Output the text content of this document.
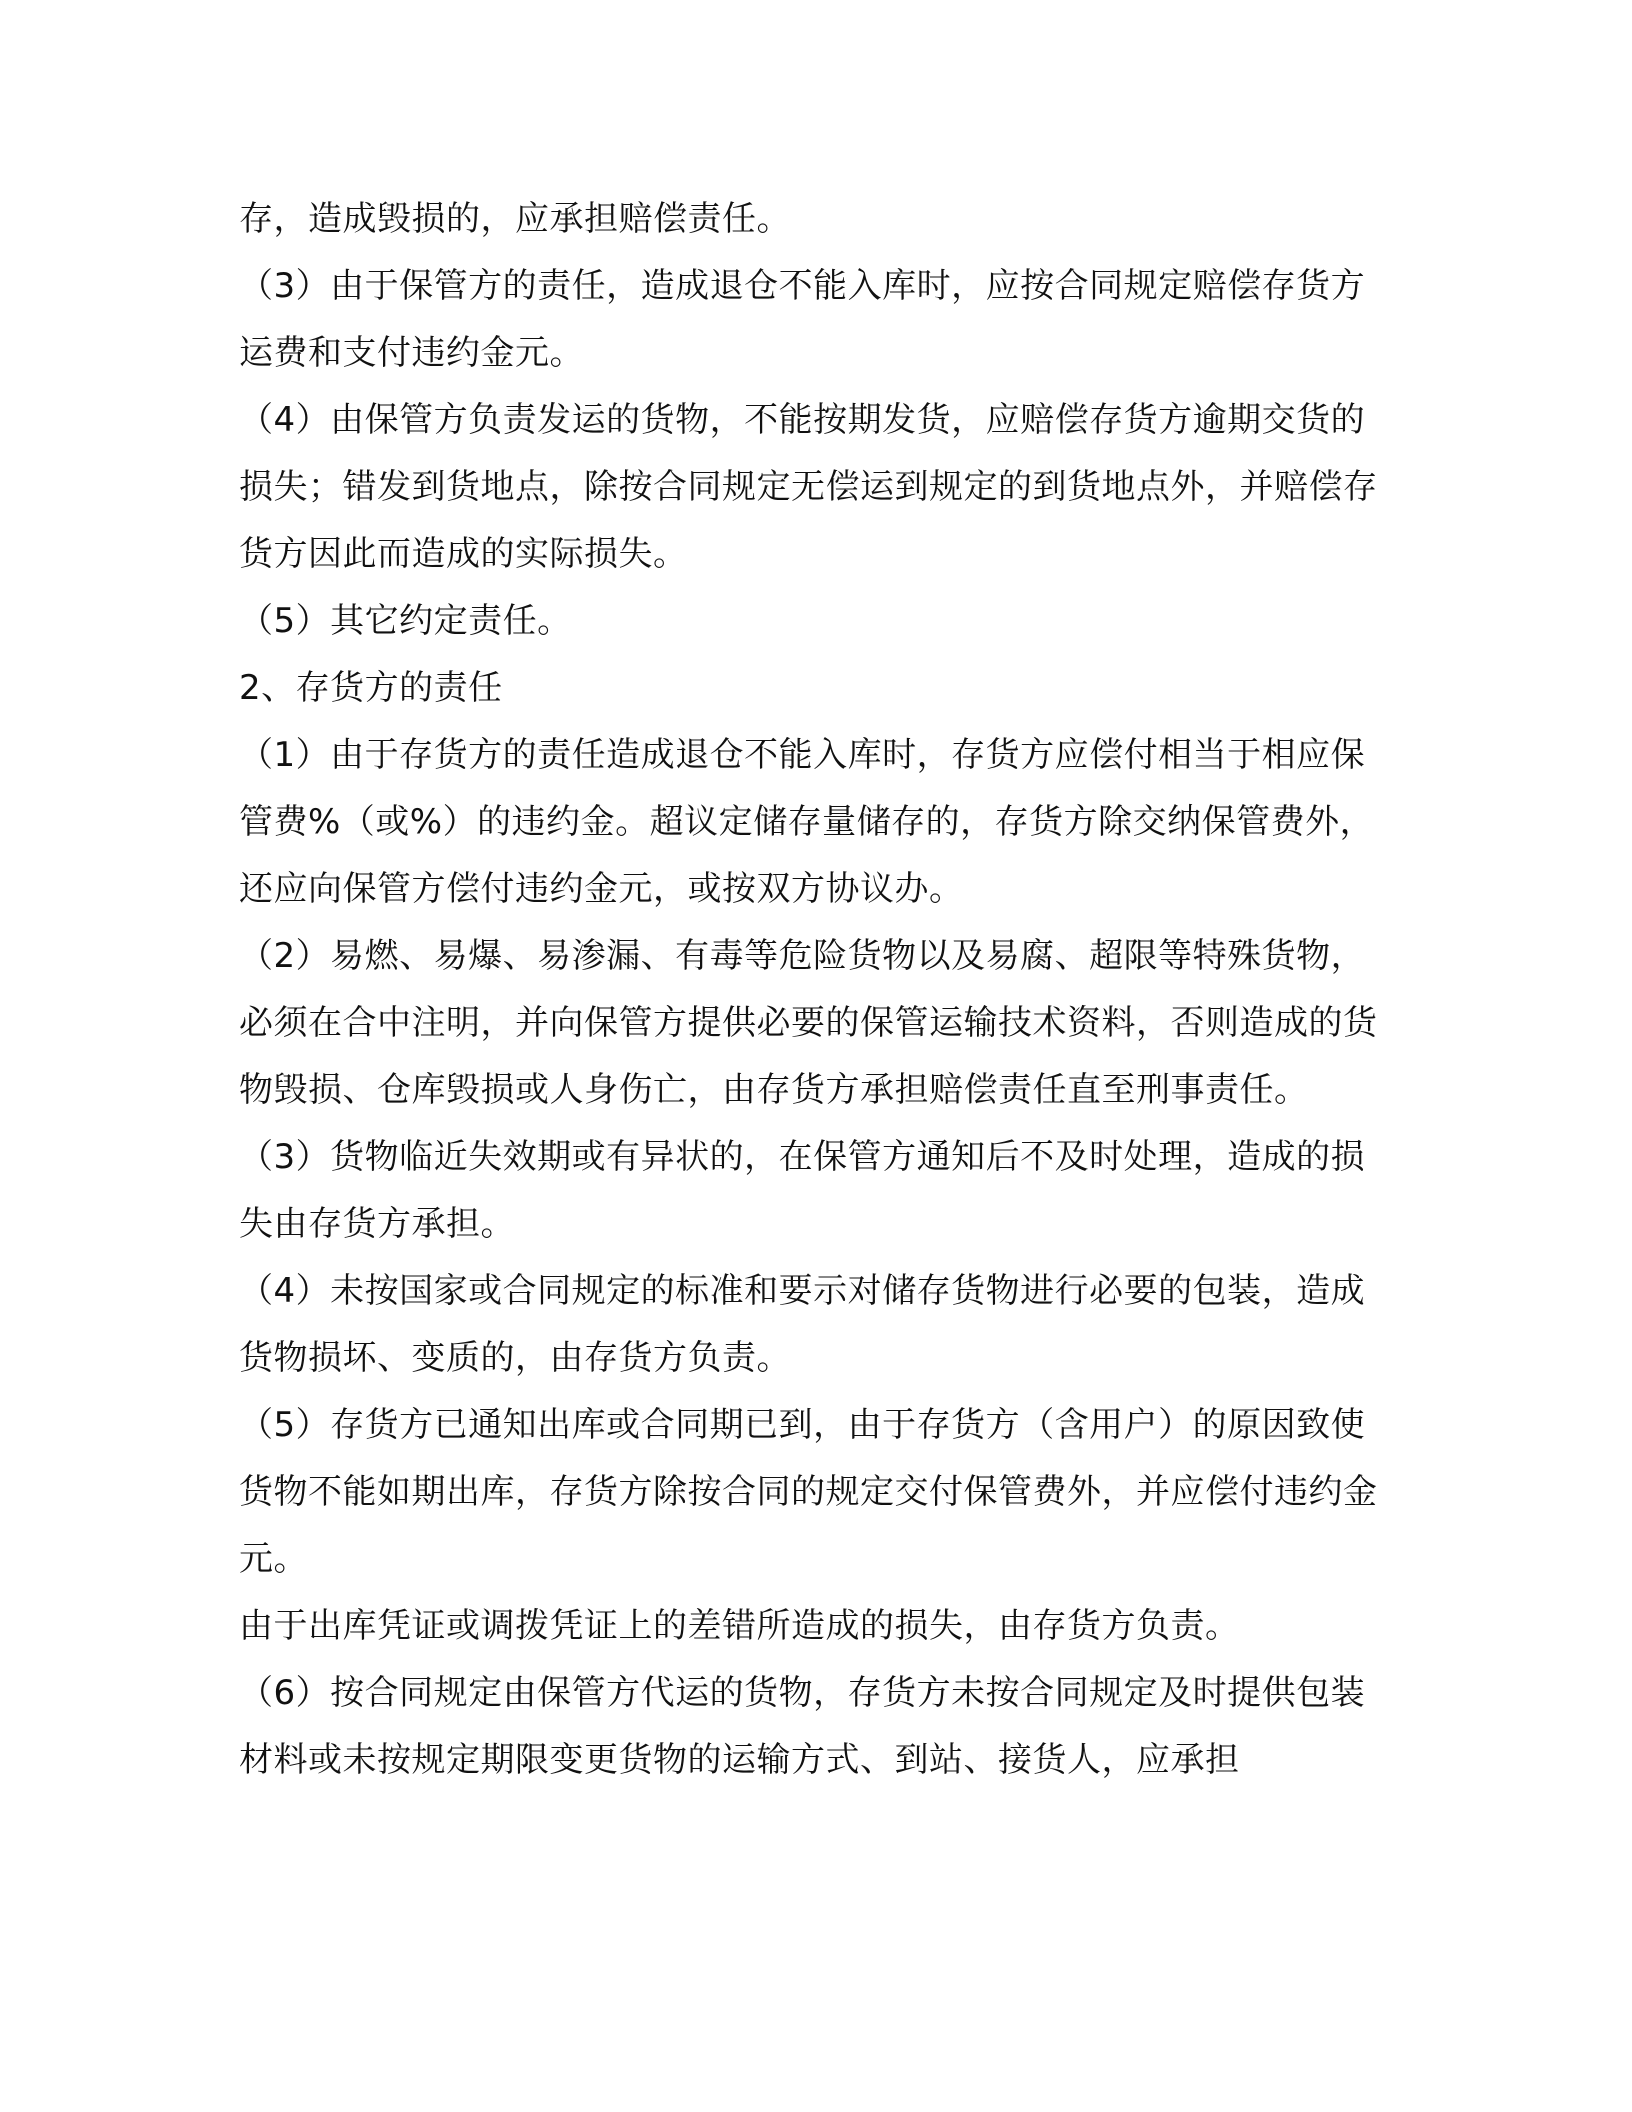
存，造成毁损的，应承担赔偿责任。

（3）由于保管方的责任，造成退仓不能入库时，应按合同规定赔偿存货方运费和支付违约金元。

（4）由保管方负责发运的货物，不能按期发货，应赔偿存货方逾期交货的损失；错发到货地点，除按合同规定无偿运到规定的到货地点外，并赔偿存货方因此而造成的实际损失。

（5）其它约定责任。

2、存货方的责任

（1）由于存货方的责任造成退仓不能入库时，存货方应偿付相当于相应保管费%（或%）的违约金。超议定储存量储存的，存货方除交纳保管费外，还应向保管方偿付违约金元，或按双方协议办。

（2）易燃、易爆、易渗漏、有毒等危险货物以及易腐、超限等特殊货物，必须在合中注明，并向保管方提供必要的保管运输技术资料，否则造成的货物毁损、仓库毁损或人身伤亡，由存货方承担赔偿责任直至刑事责任。

（3）货物临近失效期或有异状的，在保管方通知后不及时处理，造成的损失由存货方承担。

（4）未按国家或合同规定的标准和要示对储存货物进行必要的包装，造成货物损坏、变质的，由存货方负责。

（5）存货方已通知出库或合同期已到，由于存货方（含用户）的原因致使货物不能如期出库，存货方除按合同的规定交付保管费外，并应偿付违约金元。

由于出库凭证或调拨凭证上的差错所造成的损失，由存货方负责。

（6）按合同规定由保管方代运的货物，存货方未按合同规定及时提供包装材料或未按规定期限变更货物的运输方式、到站、接货人，应承担
